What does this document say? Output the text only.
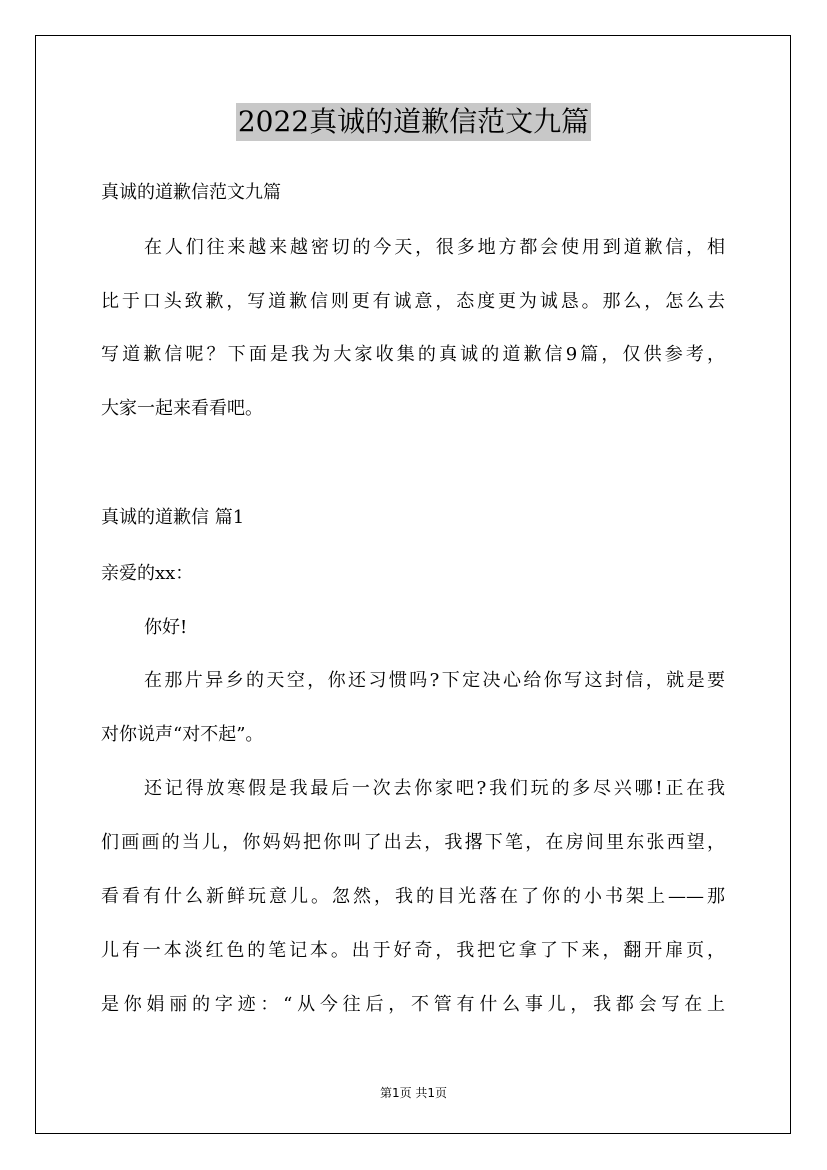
2022真诚的道歉信范文九篇
真诚的道歉信范文九篇
在人们往来越来越密切的今天，很多地方都会使用到道歉信，相
比于口头致歉，写道歉信则更有诚意，态度更为诚恳。那么，怎么去
写道歉信呢？下面是我为大家收集的真诚的道歉信9篇，仅供参考，
大家一起来看看吧。
真诚的道歉信 篇1
亲爱的xx：
你好!
在那片异乡的天空，你还习惯吗?下定决心给你写这封信，就是要
对你说声“对不起”。
还记得放寒假是我最后一次去你家吧?我们玩的多尽兴哪!正在我
们画画的当儿，你妈妈把你叫了出去，我撂下笔，在房间里东张西望，
看看有什么新鲜玩意儿。忽然，我的目光落在了你的小书架上——那
儿有一本淡红色的笔记本。出于好奇，我把它拿了下来，翻开扉页，
是你娟丽的字迹：“从今往后，不管有什么事儿，我都会写在上
第1页 共1页
